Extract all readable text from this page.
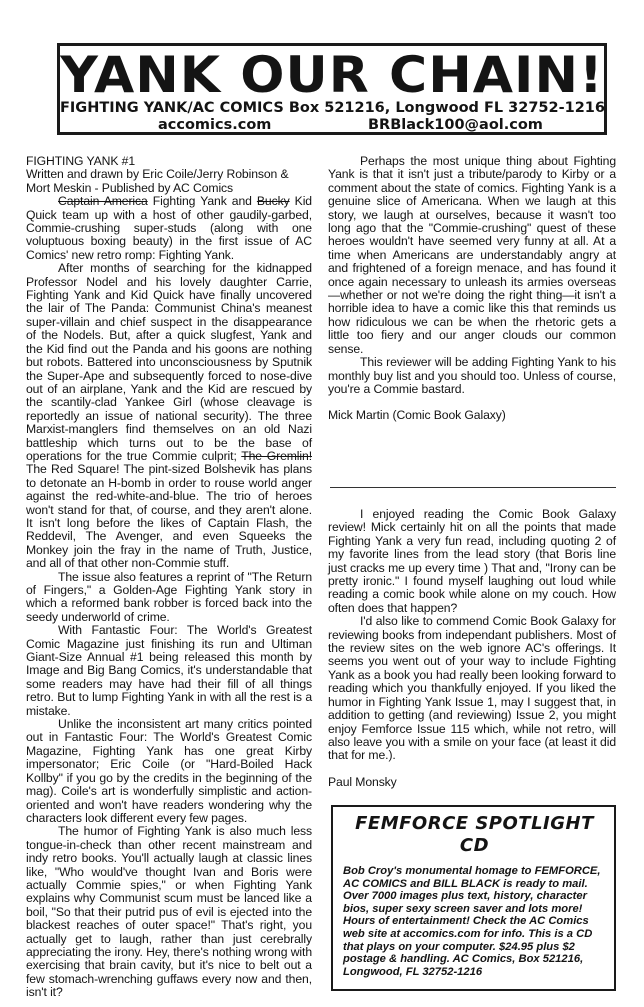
YANK OUR CHAIN!
FIGHTING YANK/AC COMICS Box 521216, Longwood FL 32752-1216
accomics.com	BRBlack100@aol.com

FIGHTING YANK #1

Written and drawn by Eric Coile/Jerry Robinson & Mort Meskin - Published by AC Comics

Captain America Fighting Yank and Bucky Kid Quick team up with a host of other gaudily-garbed, Commie-crushing super-studs (along with one voluptuous boxing beauty) in the first issue of AC Comics' new retro romp: Fighting Yank.

After months of searching for the kidnapped Professor Nodel and his lovely daughter Carrie, Fighting Yank and Kid Quick have finally uncovered the lair of The Panda: Communist China's meanest super-villain and chief suspect in the disappearance of the Nodels. But, after a quick slugfest, Yank and the Kid find out the Panda and his goons are nothing but robots. Battered into unconsciousness by Sputnik the Super-Ape and subsequently forced to nose-dive out of an airplane, Yank and the Kid are rescued by the scantily-clad Yankee Girl (whose cleavage is reportedly an issue of national security). The three Marxist-manglers find themselves on an old Nazi battleship which turns out to be the base of operations for the true Commie culprit; The Gremlin! The Red Square! The pint-sized Bolshevik has plans to detonate an H-bomb in order to rouse world anger against the red-white-and-blue. The trio of heroes won't stand for that, of course, and they aren't alone. It isn't long before the likes of Captain Flash, the Reddevil, The Avenger, and even Squeeks the Monkey join the fray in the name of Truth, Justice, and all of that other non-Commie stuff.

The issue also features a reprint of "The Return of Fingers," a Golden-Age Fighting Yank story in which a reformed bank robber is forced back into the seedy underworld of crime.

With Fantastic Four: The World's Greatest Comic Magazine just finishing its run and Ultiman Giant-Size Annual #1 being released this month by Image and Big Bang Comics, it's understandable that some readers may have had their fill of all things retro. But to lump Fighting Yank in with all the rest is a mistake.

Unlike the inconsistent art many critics pointed out in Fantastic Four: The World's Greatest Comic Magazine, Fighting Yank has one great Kirby impersonator; Eric Coile (or "Hard-Boiled Hack Kollby" if you go by the credits in the beginning of the mag). Coile's art is wonderfully simplistic and action-oriented and won't have readers wondering why the characters look different every few pages.

The humor of Fighting Yank is also much less tongue-in-check than other recent mainstream and indy retro books. You'll actually laugh at classic lines like, "Who would've thought Ivan and Boris were actually Commie spies," or when Fighting Yank explains why Communist scum must be lanced like a boil, "So that their putrid pus of evil is ejected into the blackest reaches of outer space!" That's right, you actually get to laugh, rather than just cerebrally appreciating the irony. Hey, there's nothing wrong with exercising that brain cavity, but it's nice to belt out a few stomach-wrenching guffaws every now and then, isn't it?

Perhaps the most unique thing about Fighting Yank is that it isn't just a tribute/parody to Kirby or a comment about the state of comics. Fighting Yank is a genuine slice of Americana. When we laugh at this story, we laugh at ourselves, because it wasn't too long ago that the "Commie-crushing" quest of these heroes wouldn't have seemed very funny at all. At a time when Americans are understandably angry at and frightened of a foreign menace, and has found it once again necessary to unleash its armies overseas—whether or not we're doing the right thing—it isn't a horrible idea to have a comic like this that reminds us how ridiculous we can be when the rhetoric gets a little too fiery and our anger clouds our common sense.

This reviewer will be adding Fighting Yank to his monthly buy list and you should too. Unless of course, you're a Commie bastard.

Mick Martin (Comic Book Galaxy)

I enjoyed reading the Comic Book Galaxy review! Mick certainly hit on all the points that made Fighting Yank a very fun read, including quoting 2 of my favorite lines from the lead story (that Boris line just cracks me up every time ) That and, "Irony can be pretty ironic." I found myself laughing out loud while reading a comic book while alone on my couch. How often does that happen?

I'd also like to commend Comic Book Galaxy for reviewing books from independant publishers. Most of the review sites on the web ignore AC's offerings. It seems you went out of your way to include Fighting Yank as a book you had really been looking forward to reading which you thankfully enjoyed. If you liked the humor in Fighting Yank Issue 1, may I suggest that, in addition to getting (and reviewing) Issue 2, you might enjoy Femforce Issue 115 which, while not retro, will also leave you with a smile on your face (at least it did that for me.).

Paul Monsky

FEMFORCE SPOTLIGHT CD

Bob Croy's monumental homage to FEMFORCE, AC COMICS and BILL BLACK is ready to mail. Over 7000 images plus text, history, character bios, super sexy screen saver and lots more! Hours of entertainment! Check the AC Comics web site at accomics.com for info. This is a CD that plays on your computer. $24.95 plus $2 postage & handling. AC Comics, Box 521216, Longwood, FL 32752-1216
